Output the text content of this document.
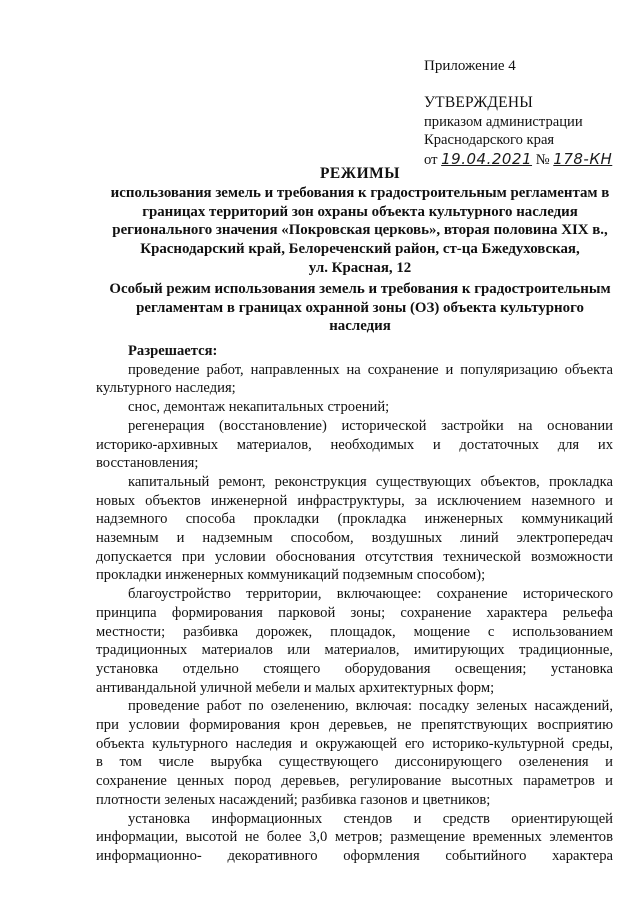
Приложение 4
УТВЕРЖДЕНЫ
приказом администрации
Краснодарского края
от 19.04.2021 № 178-КН
РЕЖИМЫ
использования земель и требования к градостроительным регламентам в
границах территорий зон охраны объекта культурного наследия
регионального значения «Покровская церковь», вторая половина XIX в.,
Краснодарский край, Белореченский район, ст-ца Бжедуховская,
ул. Красная, 12
Особый режим использования земель и требования к градостроительным
регламентам в границах охранной зоны (ОЗ) объекта культурного
наследия
Разрешается:
проведение работ, направленных на сохранение и популяризацию объекта
культурного наследия;
снос, демонтаж некапитальных строений;
регенерация (восстановление) исторической застройки на основании
историко-архивных материалов, необходимых и достаточных для их
восстановления;
капитальный ремонт, реконструкция существующих объектов, прокладка
новых объектов инженерной инфраструктуры, за исключением наземного и
надземного способа прокладки (прокладка инженерных коммуникаций
наземным и надземным способом, воздушных линий электропередач
допускается при условии обоснования отсутствия технической возможности
прокладки инженерных коммуникаций подземным способом);
благоустройство территории, включающее: сохранение исторического
принципа формирования парковой зоны; сохранение характера рельефа
местности; разбивка дорожек, площадок, мощение с использованием
традиционных материалов или материалов, имитирующих традиционные,
установка отдельно стоящего оборудования освещения; установка
антивандальной уличной мебели и малых архитектурных форм;
проведение работ по озеленению, включая: посадку зеленых насаждений,
при условии формирования крон деревьев, не препятствующих восприятию
объекта культурного наследия и окружающей его историко-культурной среды,
в том числе вырубка существующего диссонирующего озеленения и
сохранение ценных пород деревьев, регулирование высотных параметров и
плотности зеленых насаждений; разбивка газонов и цветников;
установка информационных стендов и средств ориентирующей
информации, высотой не более 3,0 метров; размещение временных элементов
информационно- декоративного оформления событийного характера
